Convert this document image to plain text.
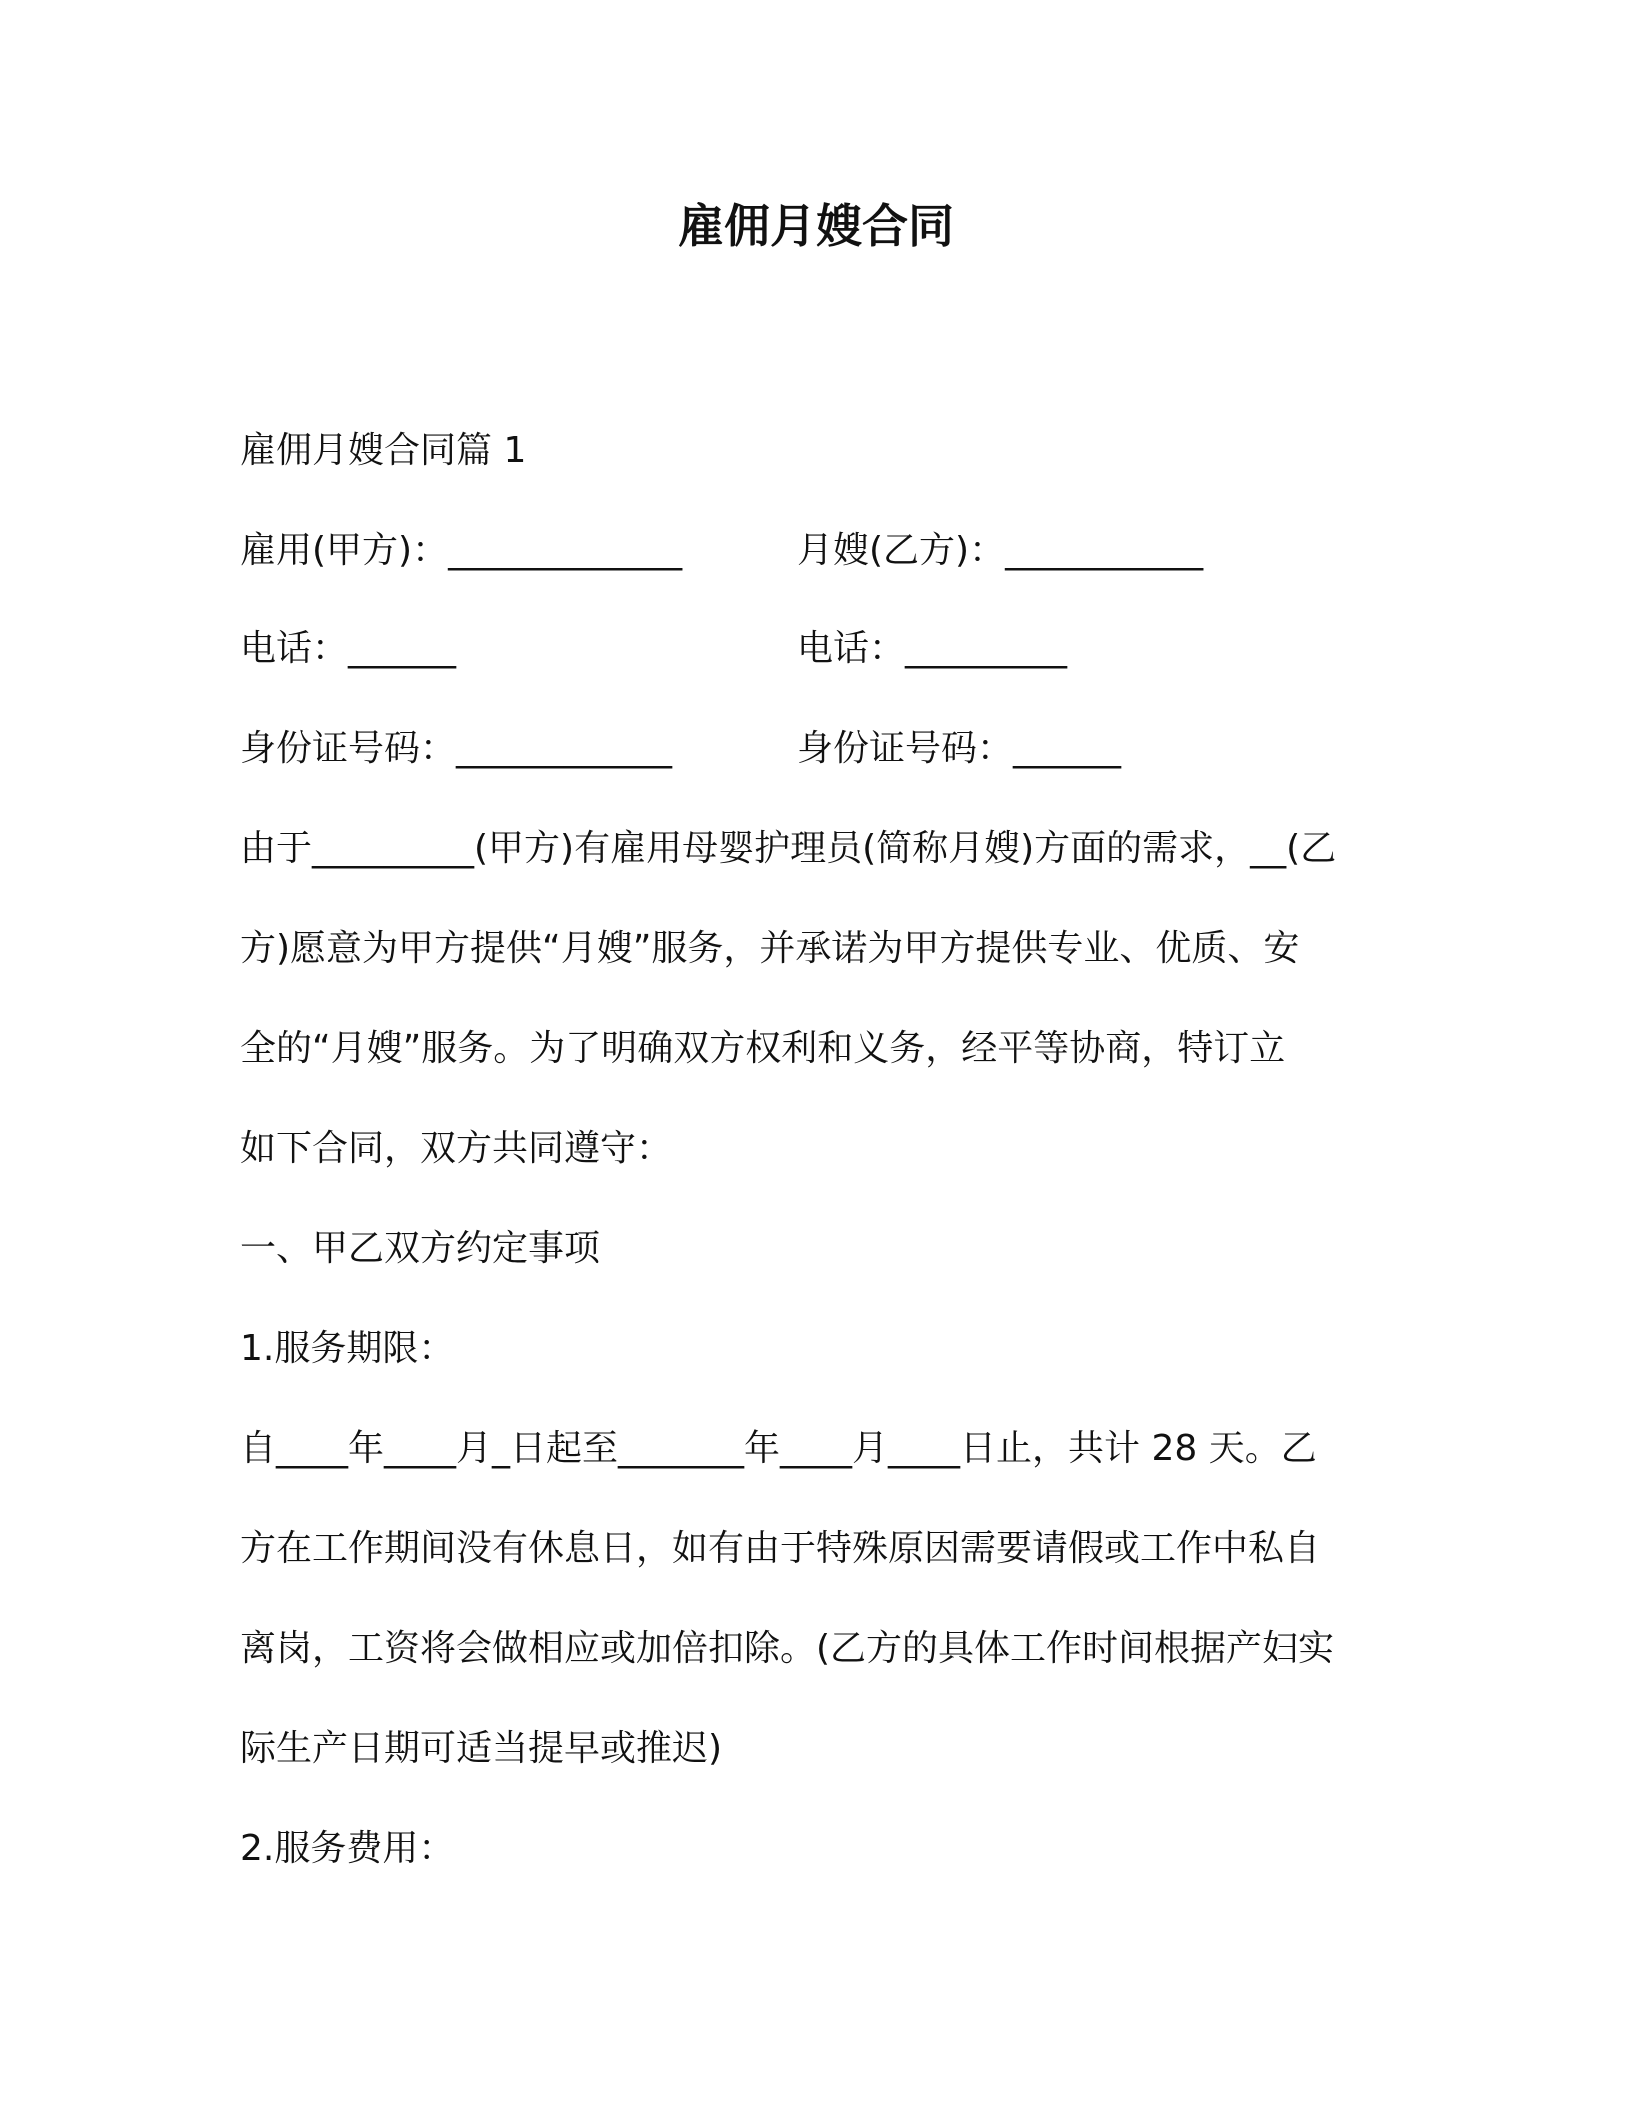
雇佣月嫂合同
雇佣月嫂合同篇 1
雇用(甲方)：_____________	月嫂(乙方)：___________
电话：______	电话：_________
身份证号码：____________	身份证号码：______
由于_________(甲方)有雇用母婴护理员(简称月嫂)方面的需求，__(乙
方)愿意为甲方提供“月嫂”服务，并承诺为甲方提供专业、优质、安
全的“月嫂”服务。为了明确双方权利和义务，经平等协商，特订立
如下合同，双方共同遵守：
一、甲乙双方约定事项
1.服务期限：
自____年____月_日起至_______年____月____日止，共计 28 天。乙
方在工作期间没有休息日，如有由于特殊原因需要请假或工作中私自
离岗，工资将会做相应或加倍扣除。(乙方的具体工作时间根据产妇实
际生产日期可适当提早或推迟)
2.服务费用：
